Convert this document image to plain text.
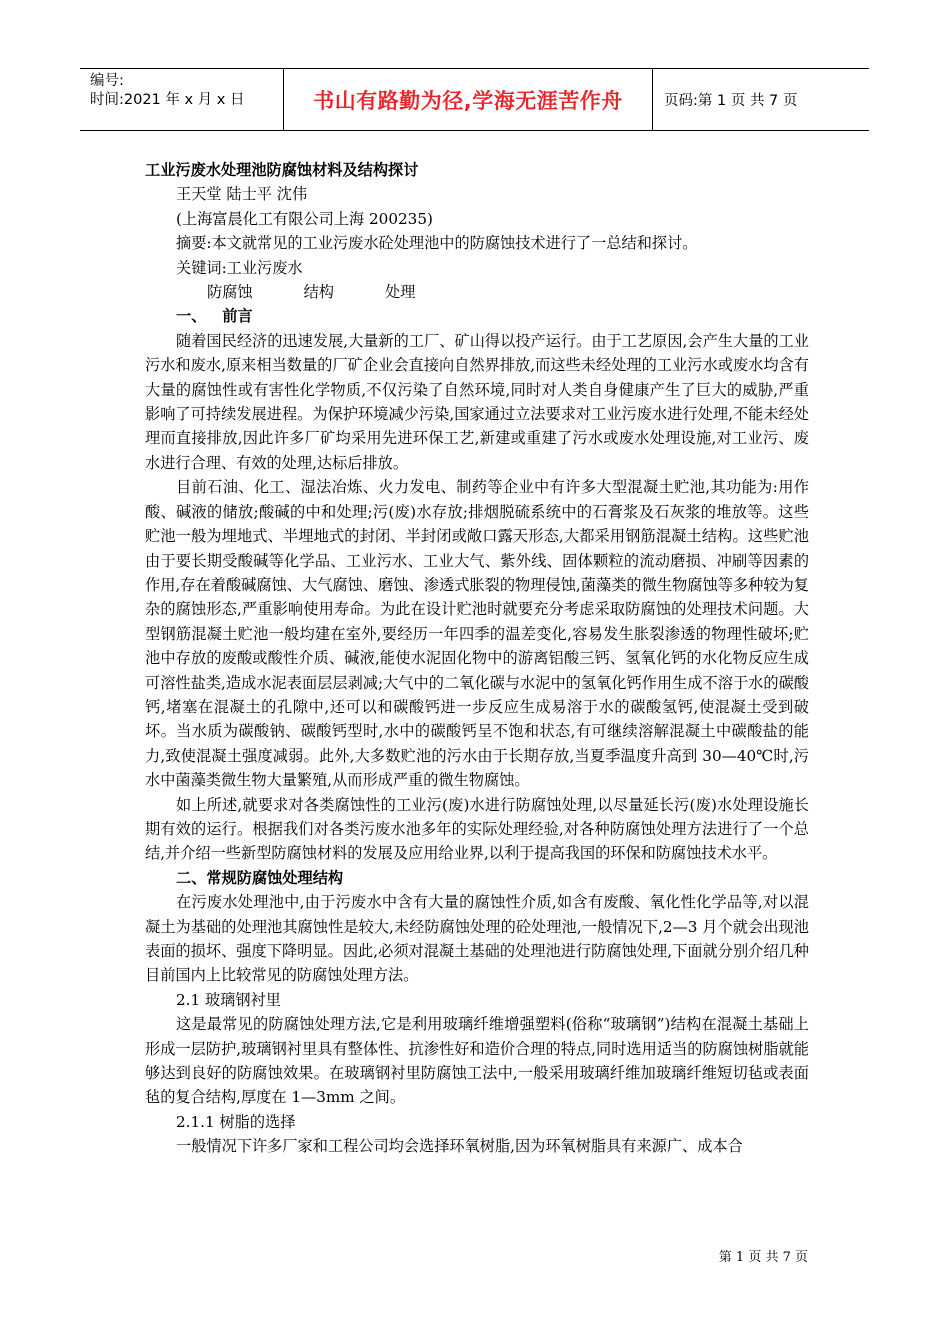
编号:
时间:2021 年 x 月 x 日	书山有路勤为径,学海无涯苦作舟	页码:第 1 页 共 7 页

工业污废水处理池防腐蚀材料及结构探讨

王天堂 陆士平 沈伟

(上海富晨化工有限公司上海 200235)

摘要:本文就常见的工业污废水砼处理池中的防腐蚀技术进行了一总结和探讨。

关键词:工业污废水

防腐蚀	结构	处理

一、   前言

随着国民经济的迅速发展,大量新的工厂、矿山得以投产运行。由于工艺原因,会产生大量的工业污水和废水,原来相当数量的厂矿企业会直接向自然界排放,而这些未经处理的工业污水或废水均含有大量的腐蚀性或有害性化学物质,不仅污染了自然环境,同时对人类自身健康产生了巨大的威胁,严重影响了可持续发展进程。为保护环境减少污染,国家通过立法要求对工业污废水进行处理,不能未经处理而直接排放,因此许多厂矿均采用先进环保工艺,新建或重建了污水或废水处理设施,对工业污、废水进行合理、有效的处理,达标后排放。

目前石油、化工、湿法冶炼、火力发电、制药等企业中有许多大型混凝土贮池,其功能为:用作酸、碱液的储放;酸碱的中和处理;污(废)水存放;排烟脱硫系统中的石膏浆及石灰浆的堆放等。这些贮池一般为埋地式、半埋地式的封闭、半封闭或敞口露天形态,大都采用钢筋混凝土结构。这些贮池由于要长期受酸碱等化学品、工业污水、工业大气、紫外线、固体颗粒的流动磨损、冲刷等因素的作用,存在着酸碱腐蚀、大气腐蚀、磨蚀、渗透式胀裂的物理侵蚀,菌藻类的微生物腐蚀等多种较为复杂的腐蚀形态,严重影响使用寿命。为此在设计贮池时就要充分考虑采取防腐蚀的处理技术问题。大型钢筋混凝土贮池一般均建在室外,要经历一年四季的温差变化,容易发生胀裂渗透的物理性破坏;贮池中存放的废酸或酸性介质、碱液,能使水泥固化物中的游离铝酸三钙、氢氧化钙的水化物反应生成可溶性盐类,造成水泥表面层层剥减;大气中的二氧化碳与水泥中的氢氧化钙作用生成不溶于水的碳酸钙,堵塞在混凝土的孔隙中,还可以和碳酸钙进一步反应生成易溶于水的碳酸氢钙,使混凝土受到破坏。当水质为碳酸钠、碳酸钙型时,水中的碳酸钙呈不饱和状态,有可继续溶解混凝土中碳酸盐的能力,致使混凝土强度减弱。此外,大多数贮池的污水由于长期存放,当夏季温度升高到 30—40℃时,污水中菌藻类微生物大量繁殖,从而形成严重的微生物腐蚀。

如上所述,就要求对各类腐蚀性的工业污(废)水进行防腐蚀处理,以尽量延长污(废)水处理设施长期有效的运行。根据我们对各类污废水池多年的实际处理经验,对各种防腐蚀处理方法进行了一个总结,并介绍一些新型防腐蚀材料的发展及应用给业界,以利于提高我国的环保和防腐蚀技术水平。

二、常规防腐蚀处理结构

在污废水处理池中,由于污废水中含有大量的腐蚀性介质,如含有废酸、氧化性化学品等,对以混凝土为基础的处理池其腐蚀性是较大,未经防腐蚀处理的砼处理池,一般情况下,2—3 月个就会出现池表面的损坏、强度下降明显。因此,必须对混凝土基础的处理池进行防腐蚀处理,下面就分别介绍几种目前国内上比较常见的防腐蚀处理方法。

2.1 玻璃钢衬里

这是最常见的防腐蚀处理方法,它是利用玻璃纤维增强塑料(俗称“玻璃钢”)结构在混凝土基础上形成一层防护,玻璃钢衬里具有整体性、抗渗性好和造价合理的特点,同时选用适当的防腐蚀树脂就能够达到良好的防腐蚀效果。在玻璃钢衬里防腐蚀工法中,一般采用玻璃纤维加玻璃纤维短切毡或表面毡的复合结构,厚度在 1—3mm 之间。

2.1.1 树脂的选择

一般情况下许多厂家和工程公司均会选择环氧树脂,因为环氧树脂具有来源广、成本合

第 1 页 共 7 页
